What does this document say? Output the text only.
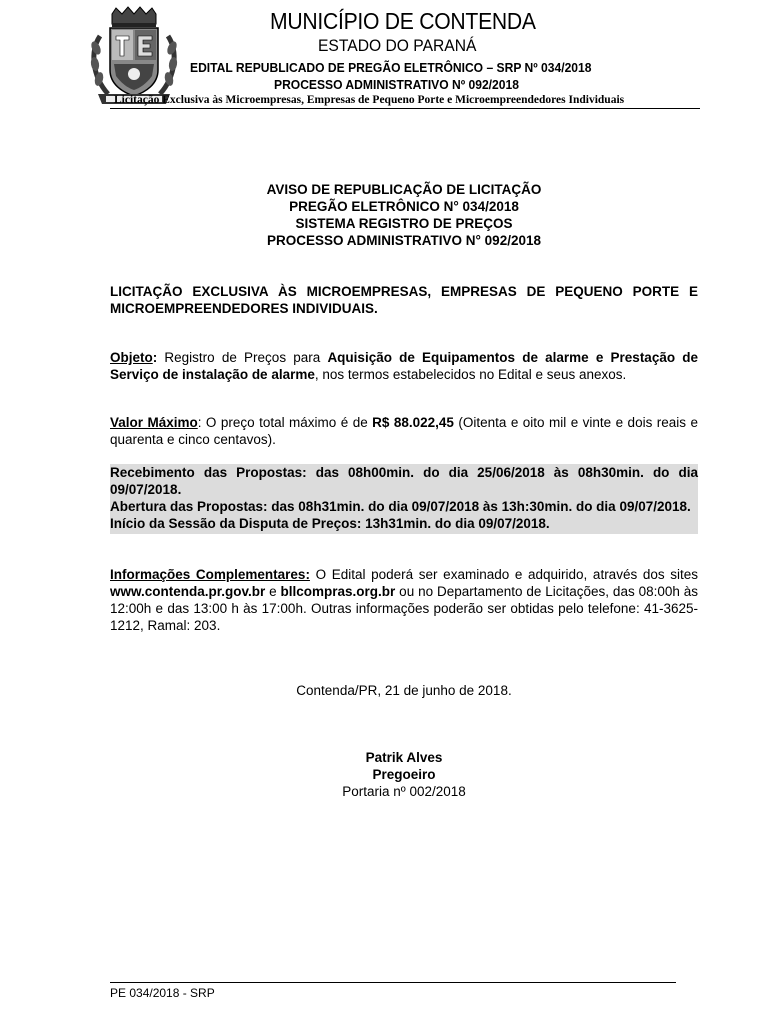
MUNICÍPIO DE CONTENDA
ESTADO DO PARANÁ
EDITAL REPUBLICADO DE PREGÃO ELETRÔNICO – SRP Nº 034/2018
PROCESSO ADMINISTRATIVO Nº 092/2018
Licitação Exclusiva às Microempresas, Empresas de Pequeno Porte e Microempreendedores Individuais
AVISO DE REPUBLICAÇÃO DE LICITAÇÃO
PREGÃO ELETRÔNICO N° 034/2018
SISTEMA REGISTRO DE PREÇOS
PROCESSO ADMINISTRATIVO N° 092/2018
LICITAÇÃO EXCLUSIVA ÀS MICROEMPRESAS, EMPRESAS DE PEQUENO PORTE E MICROEMPREENDEDORES INDIVIDUAIS.
Objeto: Registro de Preços para Aquisição de Equipamentos de alarme e Prestação de Serviço de instalação de alarme, nos termos estabelecidos no Edital e seus anexos.
Valor Máximo: O preço total máximo é de R$ 88.022,45 (Oitenta e oito mil e vinte e dois reais e quarenta e cinco centavos).
Recebimento das Propostas: das 08h00min. do dia 25/06/2018 às 08h30min. do dia 09/07/2018.
Abertura das Propostas: das 08h31min. do dia 09/07/2018 às 13h:30min. do dia 09/07/2018.
Início da Sessão da Disputa de Preços: 13h31min. do dia 09/07/2018.
Informações Complementares: O Edital poderá ser examinado e adquirido, através dos sites www.contenda.pr.gov.br e bllcompras.org.br ou no Departamento de Licitações, das 08:00h às 12:00h e das 13:00 h às 17:00h. Outras informações poderão ser obtidas pelo telefone: 41-3625-1212, Ramal: 203.
Contenda/PR, 21 de junho de 2018.
Patrik Alves
Pregoeiro
Portaria nº 002/2018
PE 034/2018 - SRP
